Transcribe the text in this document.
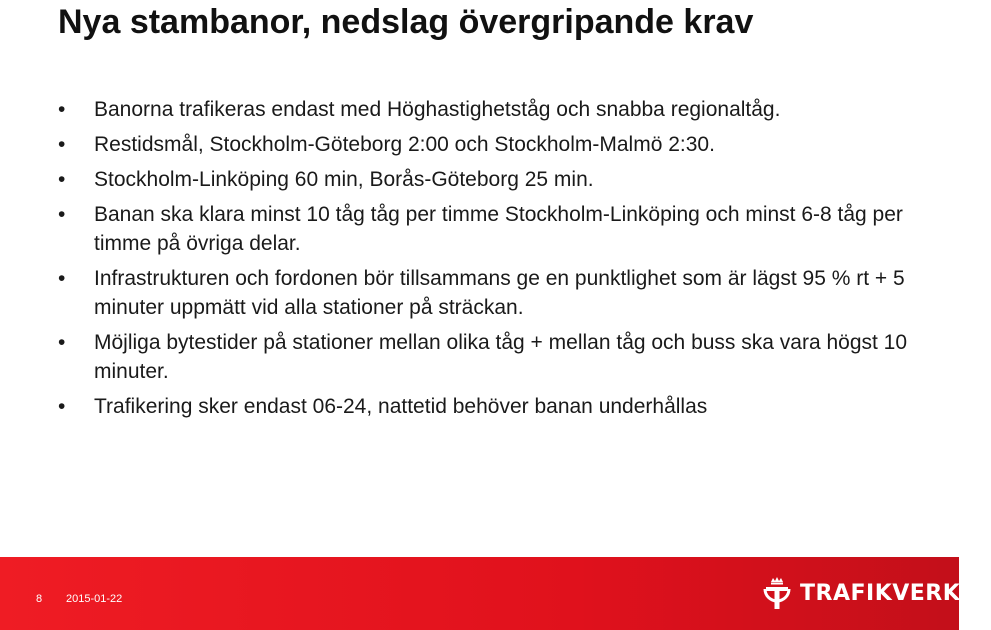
Nya stambanor, nedslag övergripande krav
• Banorna trafikeras endast med Höghastighetståg och snabba regionaltåg.
• Restidsmål, Stockholm-Göteborg 2:00 och Stockholm-Malmö 2:30.
• Stockholm-Linköping 60 min, Borås-Göteborg 25 min.
• Banan ska klara minst 10 tåg tåg per timme Stockholm-Linköping och minst 6-8 tåg per timme på övriga delar.
• Infrastrukturen och fordonen bör tillsammans ge en punktlighet som är lägst 95 % rt + 5 minuter uppmätt vid alla stationer på sträckan.
• Möjliga bytestider på stationer mellan olika tåg + mellan tåg och buss ska vara högst 10 minuter.
• Trafikering sker endast 06-24, nattetid behöver banan underhållas
8 2015-01-22	TRAFIKVERKET
